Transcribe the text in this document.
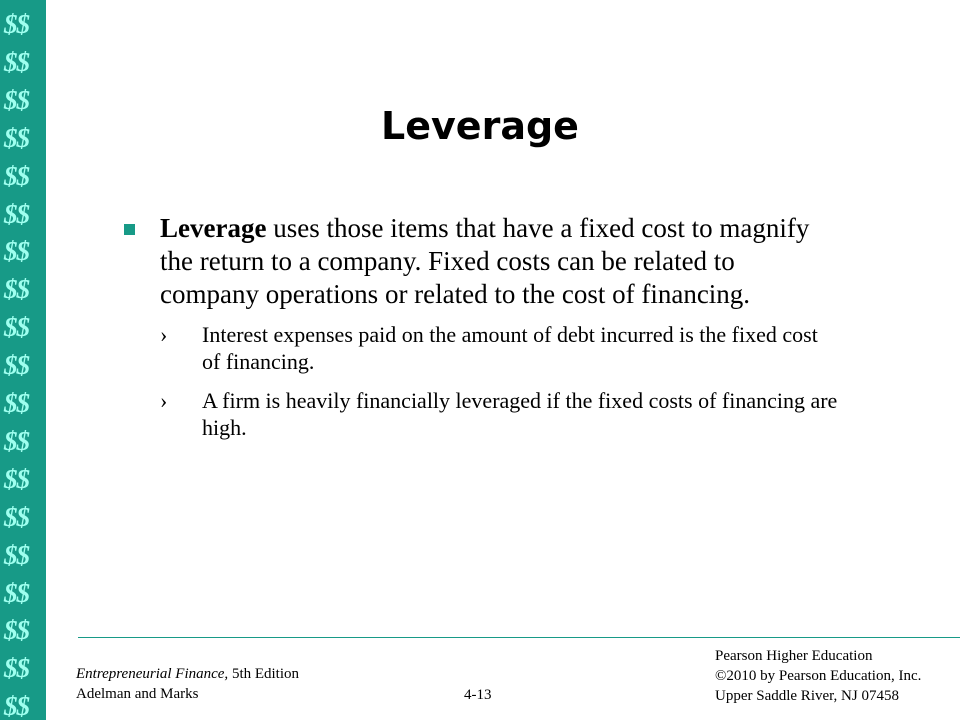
$$
$$
$$
$$
$$
$$
$$
$$
$$
$$
$$
$$
$$
$$
$$
$$
$$
$$
$$
Leverage
Leverage uses those items that have a fixed cost to magnify the return to a company. Fixed costs can be related to company operations or related to the cost of financing.
› Interest expenses paid on the amount of debt incurred is the fixed cost of financing.
› A firm is heavily financially leveraged if the fixed costs of financing are high.
Entrepreneurial Finance, 5th Edition
Adelman and Marks	4-13
Pearson Higher Education
©2010 by Pearson Education, Inc.
Upper Saddle River, NJ 07458
